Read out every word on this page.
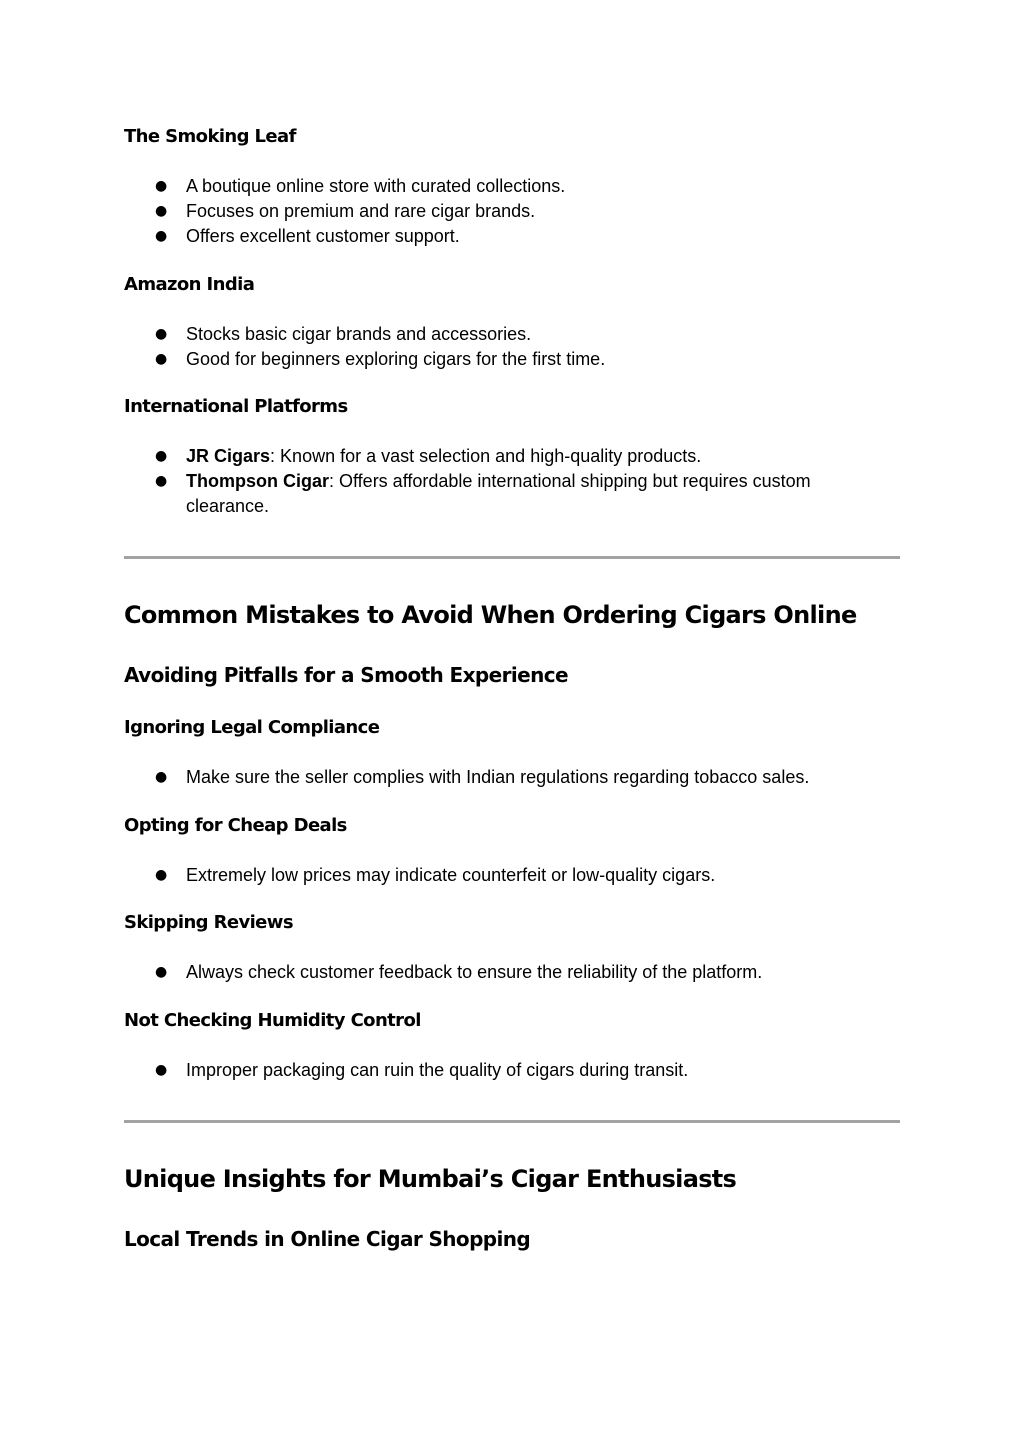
The Smoking Leaf
● A boutique online store with curated collections.
● Focuses on premium and rare cigar brands.
● Offers excellent customer support.
Amazon India
● Stocks basic cigar brands and accessories.
● Good for beginners exploring cigars for the first time.
International Platforms
● JR Cigars: Known for a vast selection and high-quality products.
● Thompson Cigar: Offers affordable international shipping but requires custom clearance.
Common Mistakes to Avoid When Ordering Cigars Online
Avoiding Pitfalls for a Smooth Experience
Ignoring Legal Compliance
● Make sure the seller complies with Indian regulations regarding tobacco sales.
Opting for Cheap Deals
● Extremely low prices may indicate counterfeit or low-quality cigars.
Skipping Reviews
● Always check customer feedback to ensure the reliability of the platform.
Not Checking Humidity Control
● Improper packaging can ruin the quality of cigars during transit.
Unique Insights for Mumbai’s Cigar Enthusiasts
Local Trends in Online Cigar Shopping
